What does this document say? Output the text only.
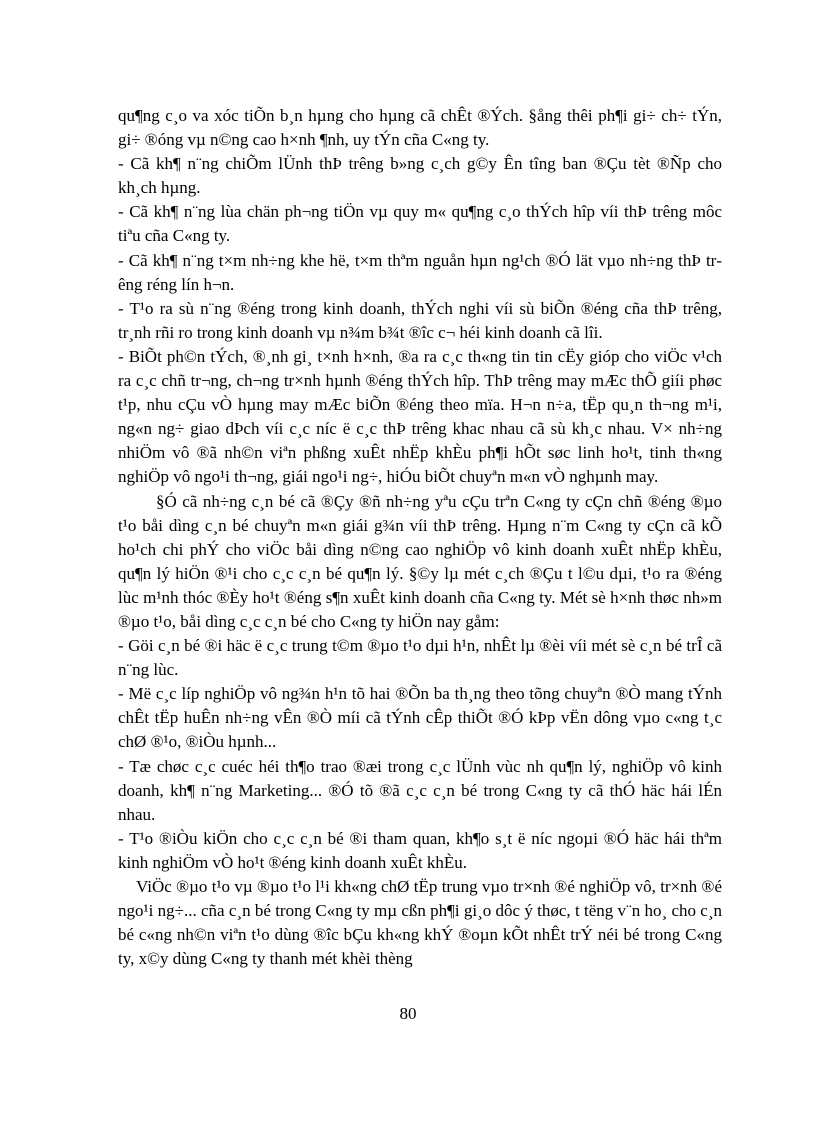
qu¶ng c¸o va xóc tiÕn b¸n hµng cho hµng cã chÊt ®Ých. §ång thêi ph¶i gi÷ ch÷ tÝn, gi÷ ®óng vµ n©ng cao h×nh ¶nh, uy tÝn cña C«ng ty.

- Cã kh¶ n¨ng chiÕm lÜnh thÞ trêng b»ng c¸ch g©y Ên tîng ban ®Çu tèt ®Ñp cho kh¸ch hµng.

- Cã kh¶ n¨ng lùa chän ph¬ng tiÖn vµ quy m« qu¶ng c¸o thÝch hîp víi thÞ trêng môc tiªu cña C«ng ty.

- Cã kh¶ n¨ng t×m nh÷ng khe hë, t×m thªm nguån hµn ng¹ch ®Ó lät vµo nh÷ng thÞ trêng réng lín h¬n.

- T¹o ra sù n¨ng ®éng trong kinh doanh, thÝch nghi víi sù biÕn ®éng cña thÞ trêng, tr¸nh rñi ro trong kinh doanh vµ n¾m b¾t ®îc c¬ héi kinh doanh cã lîi.

- BiÕt ph©n tÝch, ®¸nh gi¸ t×nh h×nh, ®a ra c¸c th«ng tin tin cËy gióp cho viÖc v¹ch ra c¸c chñ tr¬ng, ch¬ng tr×nh hµnh ®éng thÝch hîp. ThÞ trêng may mÆc thÕ giíi phøc t¹p, nhu cÇu vÒ hµng may mÆc biÕn ®éng theo mïa. H¬n n÷a, tËp qu¸n th¬ng m¹i, ng«n ng÷ giao dÞch víi c¸c níc ë c¸c thÞ trêng khac nhau cã sù kh¸c nhau. V× nh÷ng nhiÖm vô ®ã nh©n viªn phßng xuÊt nhËp khÈu ph¶i hÕt søc linh ho¹t, tinh th«ng nghiÖp vô ngo¹i th¬ng, giái ngo¹i ng÷, hiÓu biÕt chuyªn m«n vÒ nghµnh may.

§Ó cã nh÷ng c¸n bé cã ®Çy ®ñ nh÷ng yªu cÇu trªn C«ng ty cÇn chñ ®éng ®µo t¹o båi dìng c¸n bé chuyªn m«n giái g¾n víi thÞ trêng. Hµng n¨m C«ng ty cÇn cã kÕ ho¹ch chi phÝ cho viÖc båi dìng n©ng cao nghiÖp vô kinh doanh xuÊt nhËp khÈu, qu¶n lý hiÖn ®¹i cho c¸c c¸n bé qu¶n lý. §©y lµ mét c¸ch ®Çu t l©u dµi, t¹o ra ®éng lùc m¹nh thóc ®Èy ho¹t ®éng s¶n xuÊt kinh doanh cña C«ng ty. Mét sè h×nh thøc nh»m ®µo t¹o, båi dìng c¸c c¸n bé cho C«ng ty hiÖn nay gåm:

- Göi c¸n bé ®i häc ë c¸c trung t©m ®µo t¹o dµi h¹n, nhÊt lµ ®èi víi mét sè c¸n bé trÎ cã n¨ng lùc.

- Më c¸c líp nghiÖp vô ng¾n h¹n tõ hai ®Õn ba th¸ng theo tõng chuyªn ®Ò mang tÝnh chÊt tËp huÊn nh÷ng vÊn ®Ò míi cã tÝnh cÊp thiÕt ®Ó kÞp vËn dông vµo c«ng t¸c chØ ®¹o, ®iÒu hµnh...

- Tæ chøc c¸c cuéc héi th¶o trao ®æi trong c¸c lÜnh vùc nh qu¶n lý, nghiÖp vô kinh doanh, kh¶ n¨ng Marketing... ®Ó tõ ®ã c¸c c¸n bé trong C«ng ty cã thÓ häc hái lÉn nhau.

- T¹o ®iÒu kiÖn cho c¸c c¸n bé ®i tham quan, kh¶o s¸t ë níc ngoµi ®Ó häc hái thªm kinh nghiÖm vÒ ho¹t ®éng kinh doanh xuÊt khÈu.

ViÖc ®µo t¹o vµ ®µo t¹o l¹i kh«ng chØ tËp trung vµo tr×nh ®é nghiÖp vô, tr×nh ®é ngo¹i ng÷... cña c¸n bé trong C«ng ty mµ cßn ph¶i gi¸o dôc ý thøc, t tëng v¨n ho¸ cho c¸n bé c«ng nh©n viªn t¹o dùng ®îc bÇu kh«ng khÝ ®oµn kÕt nhÊt trÝ néi bé trong C«ng ty, x©y dùng C«ng ty thanh mét khèi thèng

80
